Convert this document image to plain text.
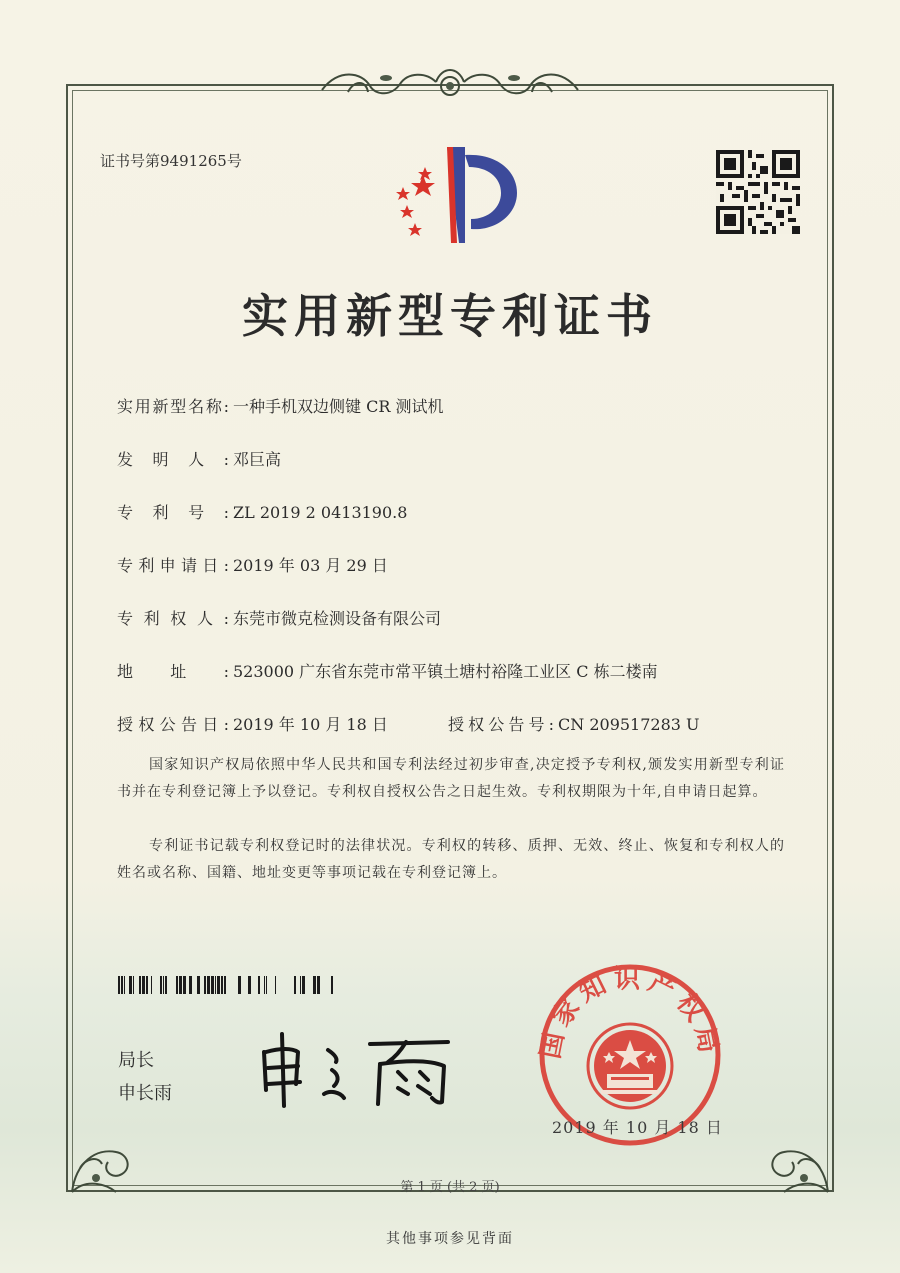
证书号第9491265号
实用新型专利证书
实用新型名称: 一种手机双边侧键 CR 测试机
发明人: 邓巨高
专利号: ZL 2019 2 0413190.8
专利申请日: 2019 年 03 月 29 日
专利权人: 东莞市微克检测设备有限公司
地址: 523000 广东省东莞市常平镇土塘村裕隆工业区 C 栋二楼南
授权公告日: 2019 年 10 月 18 日	授权公告号: CN 209517283 U
国家知识产权局依照中华人民共和国专利法经过初步审查,决定授予专利权,颁发实用新型专利证书并在专利登记簿上予以登记。专利权自授权公告之日起生效。专利权期限为十年,自申请日起算。
专利证书记载专利权登记时的法律状况。专利权的转移、质押、无效、终止、恢复和专利权人的姓名或名称、国籍、地址变更等事项记载在专利登记簿上。
局长
申长雨
国家知识产权局
2019 年 10 月 18 日
第 1 页 (共 2 页)
其他事项参见背面
